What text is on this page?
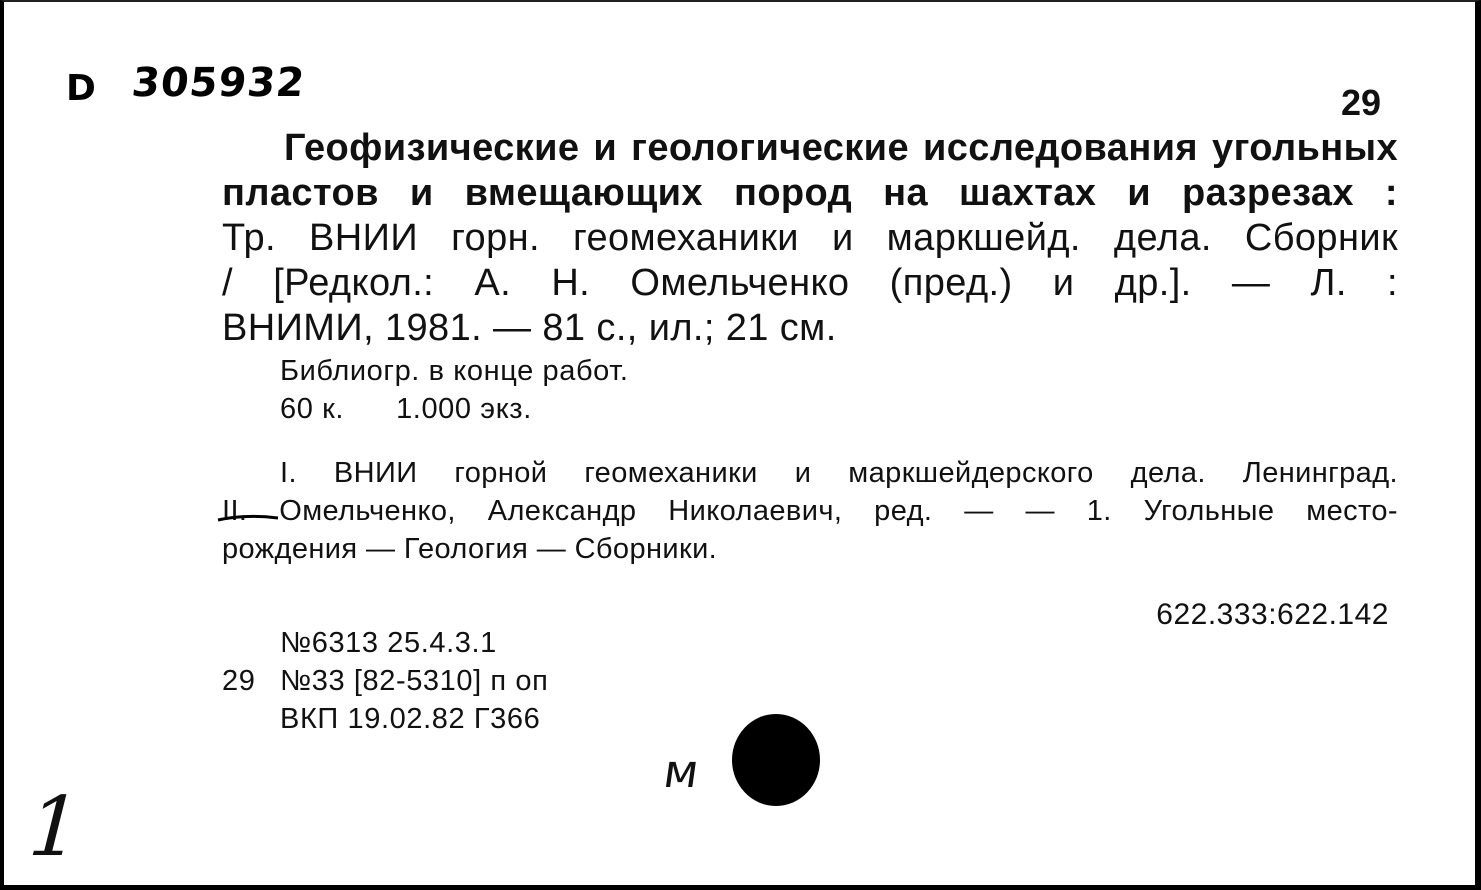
D 305932	29
Геофизические и геологические исследования угольных
пластов и вмещающих пород на шахтах и разрезах :
Тр. ВНИИ горн. геомеханики и маркшейд. дела. Сборник
/ [Редкол.: А. Н. Омельченко (пред.) и др.]. — Л. :
ВНИМИ, 1981. — 81 с., ил.; 21 см.
Библиогр. в конце работ.
60 к. 1.000 экз.
I. ВНИИ горной геомеханики и маркшейдерского дела. Ленинград.
II. Омельченко, Александр Николаевич, ред. — — 1. Угольные место-
рождения — Геология — Сборники.
622.333:622.142
№6313 25.4.3.1
29 №33 [82-5310] п оп
ВКП 19.02.82 Г366
м
1
